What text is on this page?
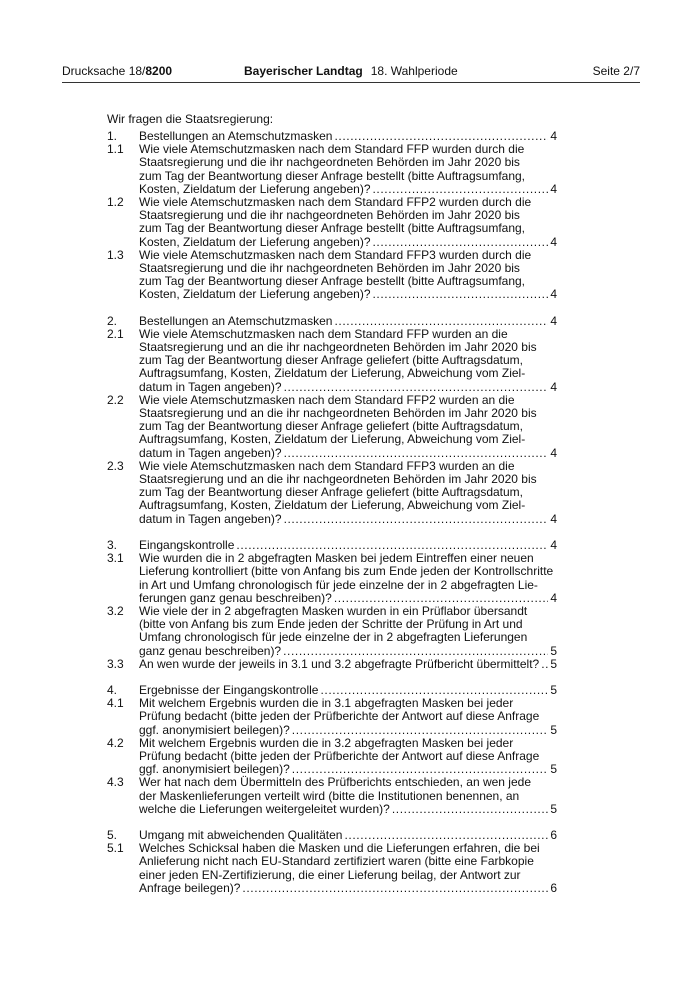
Drucksache 18/8200	Bayerischer Landtag 18. Wahlperiode	Seite 2/7
Wir fragen die Staatsregierung:
1. Bestellungen an Atemschutzmasken .....	4
1.1 Wie viele Atemschutzmasken nach dem Standard FFP wurden durch die
Staatsregierung und die ihr nachgeordneten Behörden im Jahr 2020 bis
zum Tag der Beantwortung dieser Anfrage bestellt (bitte Auftragsumfang,
Kosten, Zieldatum der Lieferung angeben)? .....	4
1.2 Wie viele Atemschutzmasken nach dem Standard FFP2 wurden durch die
Staatsregierung und die ihr nachgeordneten Behörden im Jahr 2020 bis
zum Tag der Beantwortung dieser Anfrage bestellt (bitte Auftragsumfang,
Kosten, Zieldatum der Lieferung angeben)? .....	4
1.3 Wie viele Atemschutzmasken nach dem Standard FFP3 wurden durch die
Staatsregierung und die ihr nachgeordneten Behörden im Jahr 2020 bis
zum Tag der Beantwortung dieser Anfrage bestellt (bitte Auftragsumfang,
Kosten, Zieldatum der Lieferung angeben)? .....	4
2. Bestellungen an Atemschutzmasken .....	4
2.1 Wie viele Atemschutzmasken nach dem Standard FFP wurden an die
Staatsregierung und an die ihr nachgeordneten Behörden im Jahr 2020 bis
zum Tag der Beantwortung dieser Anfrage geliefert (bitte Auftragsdatum,
Auftragsumfang, Kosten, Zieldatum der Lieferung, Abweichung vom Ziel-
datum in Tagen angeben)? .....	4
2.2 Wie viele Atemschutzmasken nach dem Standard FFP2 wurden an die
Staatsregierung und an die ihr nachgeordneten Behörden im Jahr 2020 bis
zum Tag der Beantwortung dieser Anfrage geliefert (bitte Auftragsdatum,
Auftragsumfang, Kosten, Zieldatum der Lieferung, Abweichung vom Ziel-
datum in Tagen angeben)? .....	4
2.3 Wie viele Atemschutzmasken nach dem Standard FFP3 wurden an die
Staatsregierung und an die ihr nachgeordneten Behörden im Jahr 2020 bis
zum Tag der Beantwortung dieser Anfrage geliefert (bitte Auftragsdatum,
Auftragsumfang, Kosten, Zieldatum der Lieferung, Abweichung vom Ziel-
datum in Tagen angeben)? .....	4
3. Eingangskontrolle .....	4
3.1 Wie wurden die in 2 abgefragten Masken bei jedem Eintreffen einer neuen
Lieferung kontrolliert (bitte von Anfang bis zum Ende jeden der Kontrollschritte
in Art und Umfang chronologisch für jede einzelne der in 2 abgefragten Lie-
ferungen ganz genau beschreiben)? .....	4
3.2 Wie viele der in 2 abgefragten Masken wurden in ein Prüflabor übersandt
(bitte von Anfang bis zum Ende jeden der Schritte der Prüfung in Art und
Umfang chronologisch für jede einzelne der in 2 abgefragten Lieferungen
ganz genau beschreiben)? .....	5
3.3 An wen wurde der jeweils in 3.1 und 3.2 abgefragte Prüfbericht übermittelt? ..... 5
4. Ergebnisse der Eingangskontrolle .....	5
4.1 Mit welchem Ergebnis wurden die in 3.1 abgefragten Masken bei jeder
Prüfung bedacht (bitte jeden der Prüfberichte der Antwort auf diese Anfrage
ggf. anonymisiert beilegen)? .....	5
4.2 Mit welchem Ergebnis wurden die in 3.2 abgefragten Masken bei jeder
Prüfung bedacht (bitte jeden der Prüfberichte der Antwort auf diese Anfrage
ggf. anonymisiert beilegen)? .....	5
4.3 Wer hat nach dem Übermitteln des Prüfberichts entschieden, an wen jede
der Maskenlieferungen verteilt wird (bitte die Institutionen benennen, an
welche die Lieferungen weitergeleitet wurden)? .....	5
5. Umgang mit abweichenden Qualitäten .....	6
5.1 Welches Schicksal haben die Masken und die Lieferungen erfahren, die bei
Anlieferung nicht nach EU-Standard zertifiziert waren (bitte eine Farbkopie
einer jeden EN-Zertifizierung, die einer Lieferung beilag, der Antwort zur
Anfrage beilegen)? .....	6
